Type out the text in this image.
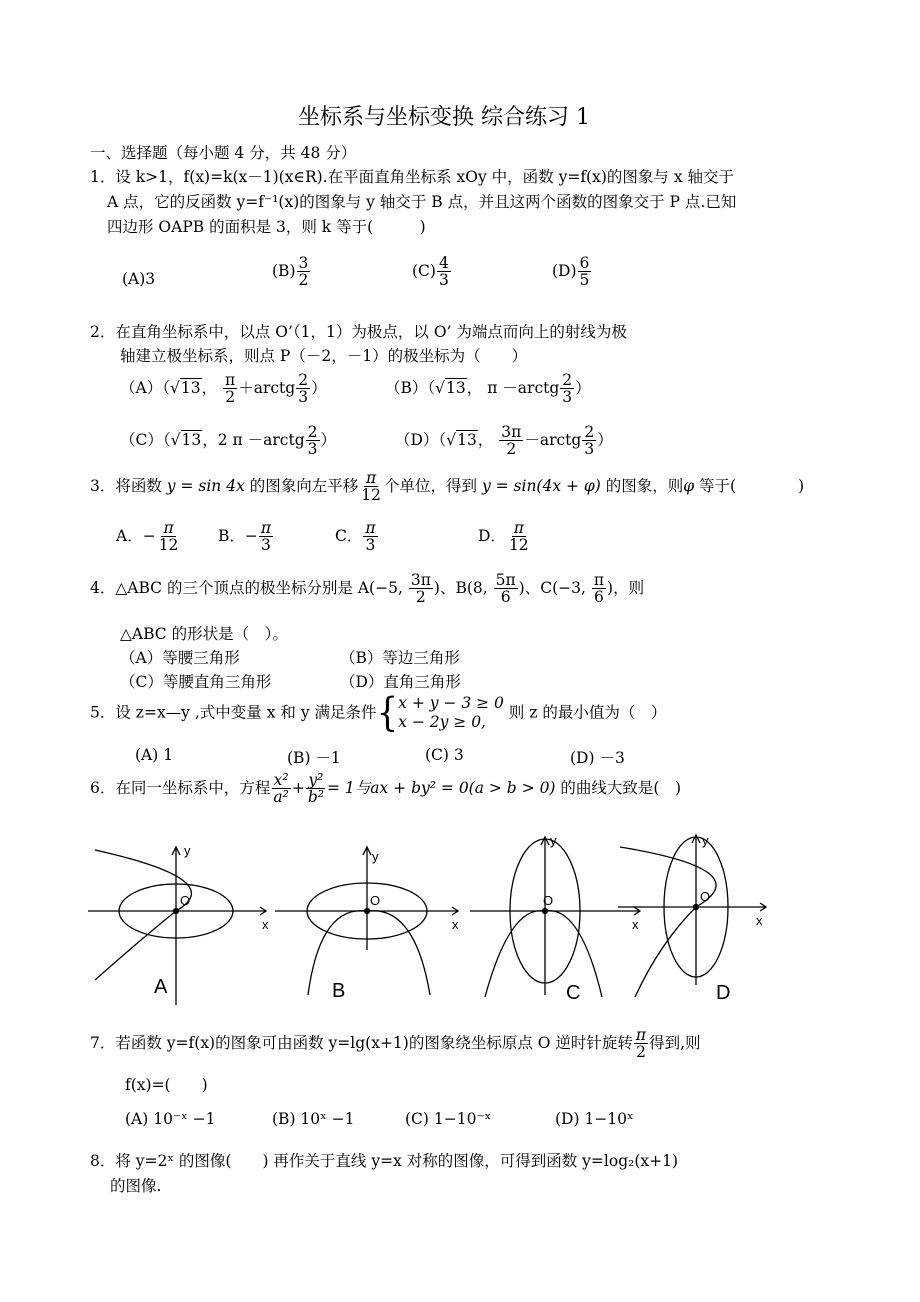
坐标系与坐标变换 综合练习 1
一、选择题（每小题 4 分，共 48 分）
1．设 k>1，f(x)=k(x－1)(x∈R).在平面直角坐标系 xOy 中，函数 y=f(x)的图象与 x 轴交于
A 点，它的反函数 y=f⁻¹(x)的图象与 y 轴交于 B 点，并且这两个函数的图象交于 P 点.已知
四边形 OAPB 的面积是 3，则 k 等于(　　　)
(A)3	$(B) \frac{3}{2}$	$(C) \frac{4}{3}$	$(D) \frac{6}{5}$
2．在直角坐标系中，以点 O’（1，1）为极点，以 O’ 为端点而向上的射线为极
轴建立极坐标系，则点 P（－2，－1）的极坐标为（　　）
（A）（√13， $\frac{\pi}{2}$ ＋arctg $\frac{2}{3}$ ）	（B）（√13， π －arctg $\frac{2}{3}$ ）
（C）（√13，2 π －arctg $\frac{2}{3}$ ）	（D）（√13， $\frac{3\pi}{2}$ －arctg $\frac{2}{3}$ ）
3．将函数 y = sin 4x 的图象向左平移 $\frac{\pi}{12}$ 个单位，得到 y = sin(4x + φ) 的图象，则φ 等于(　　　　)
A．− $\frac{\pi}{12}$ B．− $\frac{\pi}{3}$	C． $\frac{\pi}{3}$	D． $\frac{\pi}{12}$
4．△ABC 的三个顶点的极坐标分别是 A(−5, $\frac{3\pi}{2}$ )、B(8, $\frac{5\pi}{6}$ )、C(−3, $\frac{\pi}{6}$ )，则
△ABC 的形状是（　）。
（A）等腰三角形	（B）等边三角形
（C）等腰直角三角形	（D）直角三角形
5．设 z=x—y ,式中变量 x 和 y 满足条件{ x + y − 3 ≥ 0
x − 2y ≥ 0,
则 z 的最小值为（　）
(A) 1	(B) －1	(C) 3	(D) －3
6．在同一坐标系中，方程 $\frac{\text{x²}}{\text{a²}} + \frac{\text{y²}}{\text{b²}} = 1$与ax + by² = 0(a > b > 0) 的曲线大致是(　)
O
y
x
A
O
y
x
B
O
y
x
C
O
y
x
D
7．若函数 y=f(x)的图象可由函数 y=lg(x+1)的图象绕坐标原点 O 逆时针旋转 $\frac{\pi}{2}$ 得到,则
f(x)=(　　)
(A) 10⁻ˣ −1	(B) 10ˣ −1	(C) 1−10⁻ˣ	(D) 1−10ˣ
8．将 y=2ˣ 的图像(　　) 再作关于直线 y=x 对称的图像，可得到函数 y=log₂(x+1)
的图像.
